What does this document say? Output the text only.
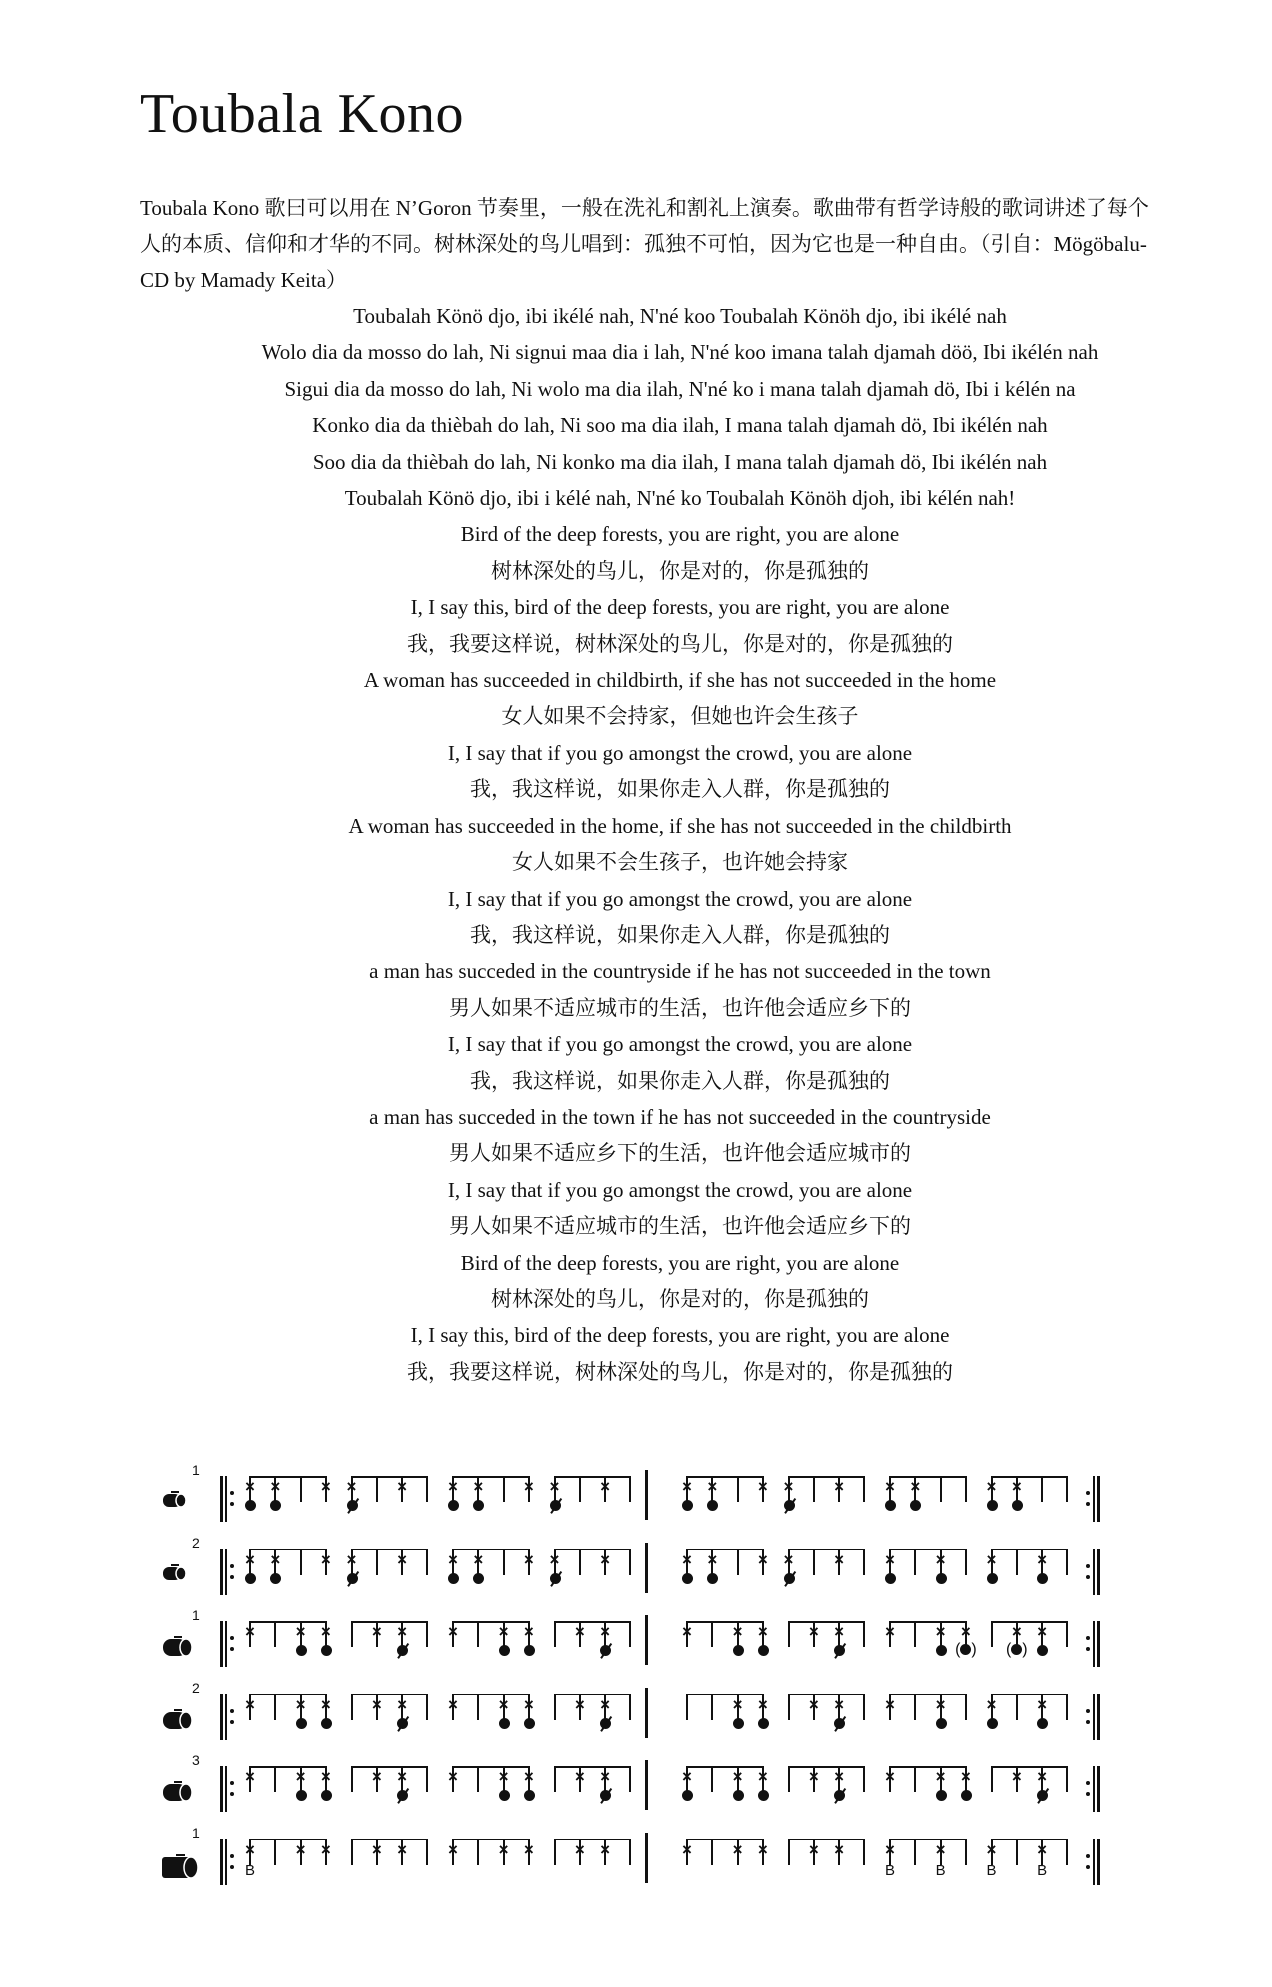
Toubala Kono

Toubala Kono 歌曰可以用在 N’Goron 节奏里，一般在洗礼和割礼上演奏。歌曲带有哲学诗般的歌词讲述了每个人的本质、信仰和才华的不同。树林深处的鸟儿唱到：孤独不可怕，因为它也是一种自由。（引自：Mögöbalu-CD by Mamady Keita）

Toubalah Könö djo, ibi ikélé nah, N'né koo Toubalah Könöh djo, ibi ikélé nah
Wolo dia da mosso do lah, Ni signui maa dia i lah, N'né koo imana talah djamah döö, Ibi ikélén nah
Sigui dia da mosso do lah, Ni wolo ma dia ilah, N'né ko i mana talah djamah dö, Ibi i kélén na
Konko dia da thièbah do lah, Ni soo ma dia ilah, I mana talah djamah dö, Ibi ikélén nah
Soo dia da thièbah do lah, Ni konko ma dia ilah, I mana talah djamah dö, Ibi ikélén nah
Toubalah Könö djo, ibi i kélé nah, N'né ko Toubalah Könöh djoh, ibi kélén nah!
Bird of the deep forests, you are right, you are alone
树林深处的鸟儿，你是对的，你是孤独的
I, I say this, bird of the deep forests, you are right, you are alone
我，我要这样说，树林深处的鸟儿，你是对的，你是孤独的
A woman has succeeded in childbirth, if she has not succeeded in the home
女人如果不会持家，但她也许会生孩子
I, I say that if you go amongst the crowd, you are alone
我，我这样说，如果你走入人群，你是孤独的
A woman has succeeded in the home, if she has not succeeded in the childbirth
女人如果不会生孩子，也许她会持家
I, I say that if you go amongst the crowd, you are alone
我，我这样说，如果你走入人群，你是孤独的
a man has succeded in the countryside if he has not succeeded in the town
男人如果不适应城市的生活，也许他会适应乡下的
I, I say that if you go amongst the crowd, you are alone
我，我这样说，如果你走入人群，你是孤独的
a man has succeded in the town if he has not succeeded in the countryside
男人如果不适应乡下的生活，也许他会适应城市的
I, I say that if you go amongst the crowd, you are alone
男人如果不适应城市的生活，也许他会适应乡下的
Bird of the deep forests, you are right, you are alone
树林深处的鸟儿，你是对的，你是孤独的
I, I say this, bird of the deep forests, you are right, you are alone
我，我要这样说，树林深处的鸟儿，你是对的，你是孤独的
1
× × × × × × × × × ×	× × × × × × ×	× ×
2
× × × × × × × × × ×	× × × × × × × × ×
1
× × × × × × × × × ×	× × × × × × × ×
( )
×
( )
×
2
× × × × × × × × × ×	× × × × × × × ×
3
× × × × × × × × × ×	× × × × × × × × × ×
1
×
B
× × × × × × × × ×	× × × × × ×
B
×
B
×
B
×
B
